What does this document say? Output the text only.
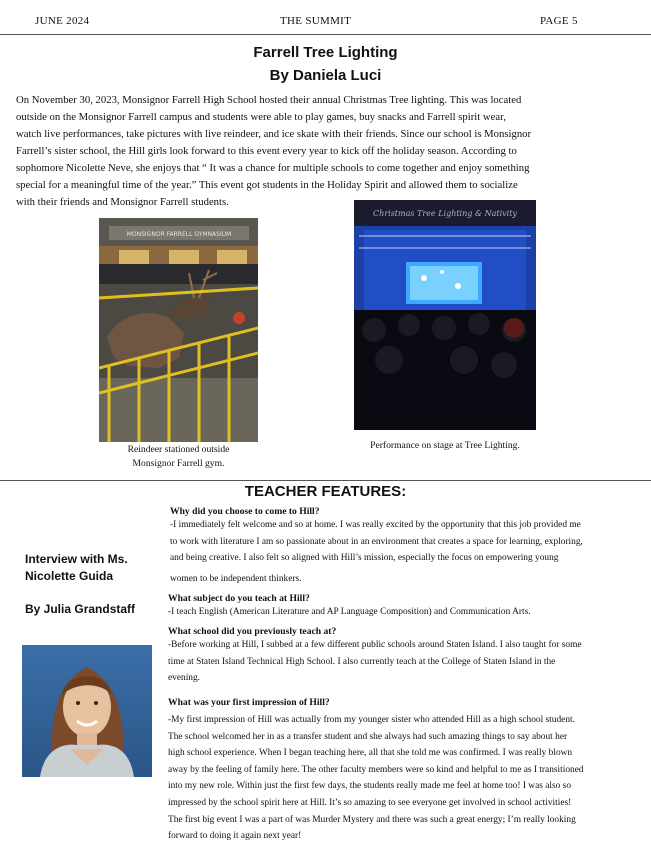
JUNE 2024	THE SUMMIT	PAGE 5
Farrell Tree Lighting
By Daniela Luci
On November 30, 2023, Monsignor Farrell High School hosted their annual Christmas Tree lighting. This was located
outside on the Monsignor Farrell campus and students were able to play games, buy snacks and Farrell spirit wear,
watch live performances, take pictures with live reindeer, and ice skate with their friends. Since our school is Monsignor
Farrell’s sister school, the Hill girls look forward to this event every year to kick off the holiday season. According to
sophomore Nicolette Neve, she enjoys that “ It was a chance for multiple schools to come together and enjoy something
special for a meaningful time of the year.” This event got students in the Holiday Spirit and allowed them to socialize
with their friends and Monsignor Farrell students.
MONSIGNOR FARRELL GYMNASIUM
Reindeer stationed outside
Monsignor Farrell gym.
Christmas Tree Lighting & Nativity
Performance on stage at Tree Lighting.
TEACHER FEATURES:
Interview with Ms.
Nicolette Guida
By Julia Grandstaff
Why did you choose to come to Hill?
-I immediately felt welcome and so at home. I was really excited by the opportunity that this job provided me
to work with literature I am so passionate about in an environment that creates a space for learning, exploring,
and being creative. I also felt so aligned with Hill’s mission, especially the focus on empowering young
women to be independent thinkers.
What subject do you teach at Hill?
-I teach English (American Literature and AP Language Composition) and Communication Arts.
What school did you previously teach at?
-Before working at Hill, I subbed at a few different public schools around Staten Island. I also taught for some
time at Staten Island Technical High School. I also currently teach at the College of Staten Island in the
evening.
What was your first impression of Hill?
-My first impression of Hill was actually from my younger sister who attended Hill as a high school student.
The school welcomed her in as a transfer student and she always had such amazing things to say about her
high school experience. When I began teaching here, all that she told me was confirmed. I was really blown
away by the feeling of family here. The other faculty members were so kind and helpful to me as I transitioned
into my new role. Within just the first few days, the students really made me feel at home too! I was also so
impressed by the school spirit here at Hill. It’s so amazing to see everyone get involved in school activities!
The first big event I was a part of was Murder Mystery and there was such a great energy; I’m really looking
forward to doing it again next year!
